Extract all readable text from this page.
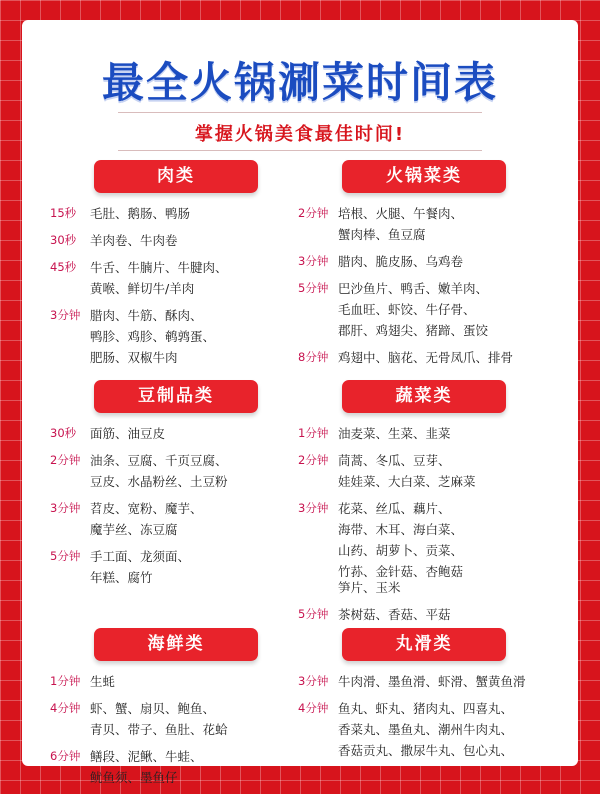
最全火锅涮菜时间表
掌握火锅美食最佳时间!
肉类
15秒	毛肚、鹅肠、鸭肠
30秒	羊肉卷、牛肉卷
45秒	牛舌、牛腩片、牛腱肉、
黄喉、鲜切牛/羊肉
3分钟 腊肉、牛筋、酥肉、
鸭胗、鸡胗、鹌鹑蛋、
肥肠、双椒牛肉
豆制品类
30秒	面筋、油豆皮
2分钟 油条、豆腐、千页豆腐、
豆皮、水晶粉丝、土豆粉
3分钟 苕皮、宽粉、魔芋、
魔芋丝、冻豆腐
5分钟 手工面、龙须面、
年糕、腐竹
海鲜类
1分钟 生蚝
4分钟 虾、蟹、扇贝、鲍鱼、
青贝、带子、鱼肚、花蛤
6分钟 鳝段、泥鳅、牛蛙、
鱿鱼须、墨鱼仔
火锅菜类
2分钟 培根、火腿、午餐肉、
蟹肉棒、鱼豆腐
3分钟 腊肉、脆皮肠、乌鸡卷
5分钟 巴沙鱼片、鸭舌、嫩羊肉、
毛血旺、虾饺、牛仔骨、
郡肝、鸡翅尖、猪蹄、蛋饺
8分钟 鸡翅中、脑花、无骨凤爪、排骨
蔬菜类
1分钟 油麦菜、生菜、韭菜
2分钟 茼蒿、冬瓜、豆芽、
娃娃菜、大白菜、芝麻菜
3分钟 花菜、丝瓜、藕片、
海带、木耳、海白菜、
山药、胡萝卜、贡菜、
竹荪、金针菇、杏鲍菇
笋片、玉米
5分钟 茶树菇、香菇、平菇
丸滑类
3分钟 牛肉滑、墨鱼滑、虾滑、蟹黄鱼滑
4分钟 鱼丸、虾丸、猪肉丸、四喜丸、
香菜丸、墨鱼丸、潮州牛肉丸、
香菇贡丸、撒尿牛丸、包心丸、
